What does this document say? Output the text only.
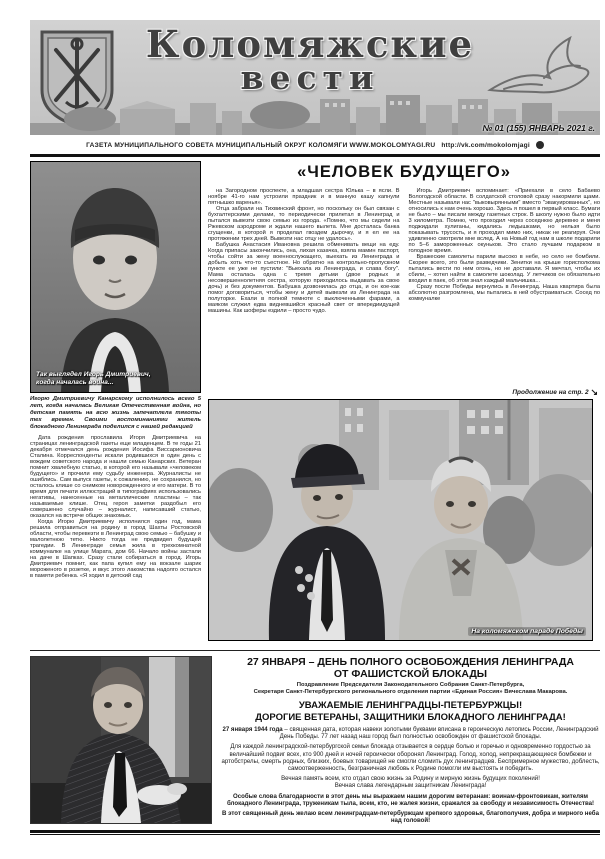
Коломяжские
вести
№ 01 (155) ЯНВАРЬ 2021 г.
ГАЗЕТА МУНИЦИПАЛЬНОГО СОВЕТА МУНИЦИПАЛЬНЫЙ ОКРУГ КОЛОМЯГИ WWW.MOKOLOMYAGI.RU http://vk.com/mokolomjagi
Так выглядел Игорь Дмитриевич,
когда началась война...
Игорю Дмитриевичу Канарскому исполнилось всего 5 лет, когда началась Великая Отечественная война, но детская память на всю жизнь запечатлела тяготы тех времен. Своими воспоминаниями житель блокадного Ленинграда поделился с нашей редакцией

Дата рождения прославила Игоря Дмитриевича на страницах ленинградской газеты еще младенцем. В те годы 21 декабря отмечался день рождения Иосифа Виссарионовича Сталина. Корреспонденты искали родившихся в один день с вождем советского народа и нашли семью Канарских. Ветеран помнит хвалебную статью, в которой его называли «человеком будущего» и прочили ему судьбу инженера. Журналисты не ошиблись. Сам выпуск газеты, к сожалению, не сохранился, но осталось клише со снимком новорожденного и его матери. В то время для печати иллюстраций в типографиях использовались негативы, нанесенные на металлические пластины – так называемые клише. Отец героя заметки раздобыл его совершенно случайно – журналист, написавший статью, оказался на встрече общих знакомых.

Когда Игорю Дмитриевичу исполнился один год, мама решила отправиться на родину в город Шахты Ростовской области, чтобы перевезти в Ленинград свою семью – бабушку и малолетнюю тетю. Никто тогда не предвидел будущей трагедии. В Ленинграде семья жила в трехкомнатной коммуналке на улице Марата, дом 66. Начало войны застали на даче в Шапках. Сразу стали собираться в город. Игорь Дмитриевич помнит, как папа купил ему на вокзале шарик мороженого в розетке, и вкус этого лакомства надолго остался в памяти ребенка. «Я ходил в детский сад

«ЧЕЛОВЕК БУДУЩЕГО»

на Загородном проспекте, а младшая сестра Юлька – в ясли. В ноябре 41-го нам устроили праздник и в манную кашу капнули пятнышко варенья».

Отца забрали на Тихвинский фронт, но поскольку он был связан с бухгалтерскими делами, то периодически прилетал в Ленинград и пытался вывезти свою семью из города. «Помню, что мы сидели на Ржевском аэродроме и ждали нашего вылета. Мне досталась банка сгущенки, в которой я проделал гвоздем дырочку, и я ел ее на протяжении трех дней. Вывезти нас отцу не удалось».

Бабушка Анастасия Ивановна решила обменивать вещи на еду. Когда припасы закончились, она, лихая казачка, взяла мамин паспорт, чтобы сойти за жену военнослужащего, выехать из Ленинграда и добыть хоть что-то съестное. Но обратно на контрольно-пропускном пункте ее уже не пустили: "Выехала из Ленинграда, и слава богу". Мама осталась одна с тремя детьми (двое родных и несовершеннолетняя сестра, которую приходилось выдавать за свою дочь) и без документов. Бабушка дозвонилась до отца, и он кое-как помог договориться, чтобы жену и детей вывезли из Ленинграда на полуторке. Ехали в полной темноте с выключенными фарами, а маяком служил едва видневшийся красный свет от впередиидущей машины. Как шоферы ездили – просто чудо.

Игорь Дмитриевич вспоминает: «Приехали в село Бабаево Вологодской области. В солдатской столовой сразу накормили щами. Местные называли нас "выковырянными" вместо "эвакуированных", но относились к нам очень хорошо. Здесь я пошел в первый класс. Бумаги не было – мы писали между газетных строк. В школу нужно было идти 3 километра. Помню, что проходил через соседнюю деревню и меня поджидали хулиганы, кидались ледышками, но нельзя было показывать трусость, и я проходил мимо них, никак не реагируя. Они удивленно смотрели мне вслед. А на Новый год нам в школе подарили по 5–6 замороженных окуньков. Это стало лучшим подарком в голодное время.

Вражеские самолеты парили высоко в небе, но село не бомбили. Скорее всего, это были разведчики. Зенитки на крыше горисполкома пытались вести по ним огонь, но не доставали. Я мечтал, чтобы их сбили, – хотел найти в самолете шоколад. У летчиков он обязательно входил в паек, об этом знал каждый мальчишка...

Сразу после Победы вернулись в Ленинград. Наша квартира была абсолютно разгромлена, мы пытались в ней обустраиваться. Сосед по коммуналке

Продолжение на стр. 2 ↘
На коломяжском параде Победы
27 ЯНВАРЯ – ДЕНЬ ПОЛНОГО ОСВОБОЖДЕНИЯ ЛЕНИНГРАДА
ОТ ФАШИСТСКОЙ БЛОКАДЫ
Поздравление Председателя Законодательного Собрания Санкт-Петербурга,
Секретаря Санкт-Петербургского регионального отделения партии «Единая Россия» Вячеслава Макарова.
УВАЖАЕМЫЕ ЛЕНИНГРАДЦЫ-ПЕТЕРБУРЖЦЫ!
ДОРОГИЕ ВЕТЕРАНЫ, ЗАЩИТНИКИ БЛОКАДНОГО ЛЕНИНГРАДА!

27 января 1944 года – священная дата, которая навеки золотыми буквами вписана в героическую летопись России, Ленинградский День Победы. 77 лет назад наш город был полностью освобожден от фашистской блокады.

Для каждой ленинградской-петербургской семьи блокада отзывается в сердце болью и горечью и одновременно гордостью за величайший подвиг всех, кто 900 дней и ночей героически оборонял Ленинград. Голод, холод, непрекращающиеся бомбежки и артобстрелы, смерть родных, близких, боевых товарищей не смогли сломить дух ленинградцев. Беспримерное мужество, доблесть, самоотверженность, безграничная любовь к Родине помогли им выстоять и победить.

Вечная память всем, кто отдал свою жизнь за Родину и мирную жизнь будущих поколений!
Вечная слава легендарным защитникам Ленинграда!

Особые слова благодарности в этот день мы выражаем нашим дорогим ветеранам: воинам-фронтовикам, жителям блокадного Ленинграда, труженикам тыла, всем, кто, не жалея жизни, сражался за свободу и независимость Отечества!

В этот священный день желаю всем ленинградцам-петербуржцам крепкого здоровья, благополучия, добра и мирного неба над головой!
